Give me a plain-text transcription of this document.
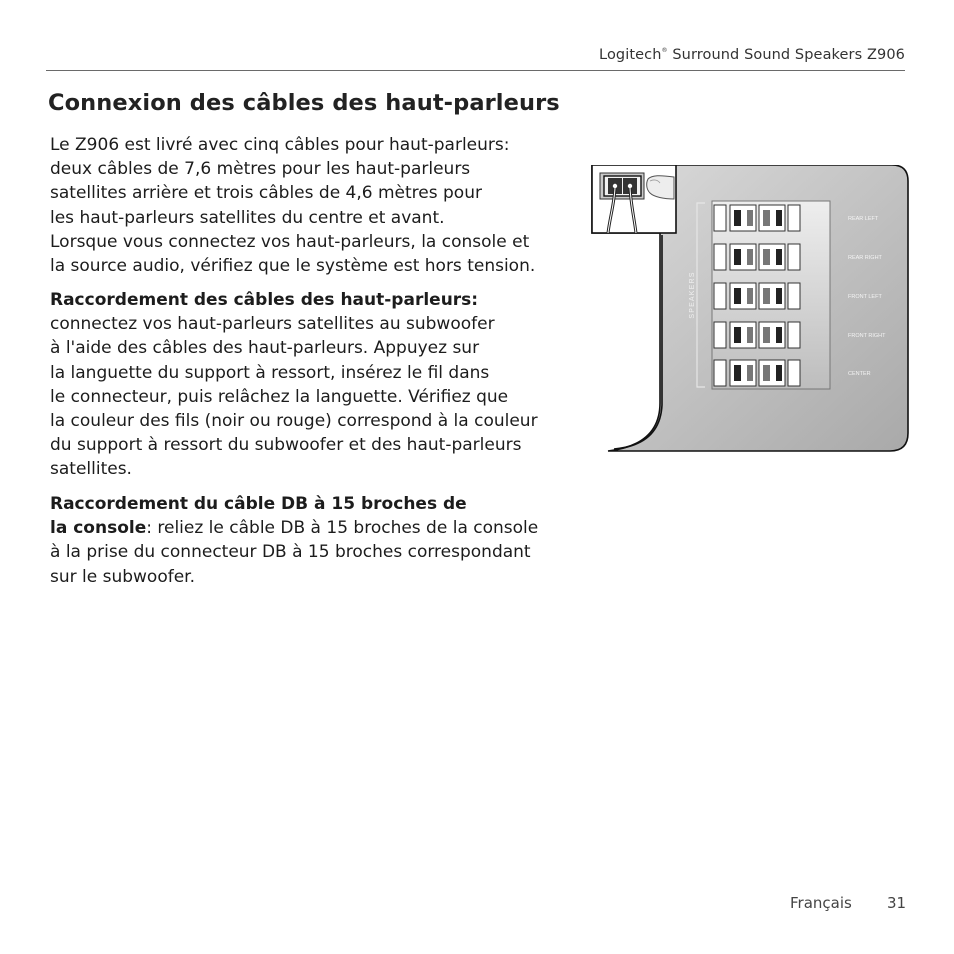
Logitech® Surround Sound Speakers Z906
Connexion des câbles des haut-parleurs

Le Z906 est livré avec cinq câbles pour haut-parleurs:
deux câbles de 7,6 mètres pour les haut-parleurs
satellites arrière et trois câbles de 4,6 mètres pour
les haut-parleurs satellites du centre et avant.
Lorsque vous connectez vos haut-parleurs, la console et
la source audio, vérifiez que le système est hors tension.

Raccordement des câbles des haut-parleurs:
connectez vos haut-parleurs satellites au subwoofer
à l'aide des câbles des haut-parleurs. Appuyez sur
la languette du support à ressort, insérez le fil dans
le connecteur, puis relâchez la languette. Vérifiez que
la couleur des fils (noir ou rouge) correspond à la couleur
du support à ressort du subwoofer et des haut-parleurs
satellites.

Raccordement du câble DB à 15 broches de
la console: reliez le câble DB à 15 broches de la console
à la prise du connecteur DB à 15 broches correspondant
sur le subwoofer.

SPEAKERS
REAR LEFT
REAR RIGHT
FRONT LEFT
FRONT RIGHT
CENTER
Français 31
